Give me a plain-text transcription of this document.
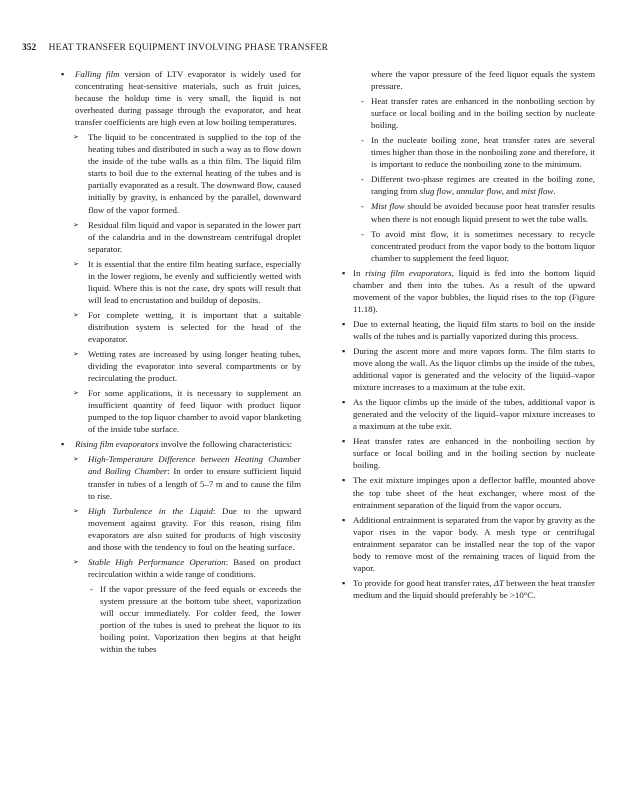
352 HEAT TRANSFER EQUIPMENT INVOLVING PHASE TRANSFER
▪ Falling film version of LTV evaporator is widely used for concentrating heat-sensitive materials, such as fruit juices, because the holdup time is very small, the liquid is not overheated during passage through the evaporator, and heat transfer coefficients are high even at low boiling temperatures.
➢ The liquid to be concentrated is supplied to the top of the heating tubes and distributed in such a way as to flow down the inside of the tube walls as a thin film. The liquid film starts to boil due to the external heating of the tubes and is partially evaporated as a result. The downward flow, caused initially by gravity, is enhanced by the parallel, downward flow of the vapor formed.
➢ Residual film liquid and vapor is separated in the lower part of the calandria and in the downstream centrifugal droplet separator.
➢ It is essential that the entire film heating surface, especially in the lower regions, be evenly and sufficiently wetted with liquid. Where this is not the case, dry spots will result that will lead to encrustation and buildup of deposits.
➢ For complete wetting, it is important that a suitable distribution system is selected for the head of the evaporator.
➢ Wetting rates are increased by using longer heating tubes, dividing the evaporator into several compartments or by recirculating the product.
➢ For some applications, it is necessary to supplement an insufficient quantity of feed liquor with product liquor pumped to the top liquor chamber to avoid vapor blanketing of the inside tube surface.
▪ Rising film evaporators involve the following characteristics:
➢ High-Temperature Difference between Heating Chamber and Boiling Chamber: In order to ensure sufficient liquid transfer in tubes of a length of 5–7 m and to cause the film to rise.
➢ High Turbulence in the Liquid: Due to the upward movement against gravity. For this reason, rising film evaporators are also suited for products of high viscosity and those with the tendency to foul on the heating surface.
➢ Stable High Performance Operation: Based on product recirculation within a wide range of conditions.
- If the vapor pressure of the feed equals or exceeds the system pressure at the bottom tube sheet, vaporization will occur immediately. For colder feed, the lower portion of the tubes is used to preheat the liquor to its boiling point. Vaporization then begins at that height within the tubes
where the vapor pressure of the feed liquor equals the system pressure.
- Heat transfer rates are enhanced in the nonboiling section by surface or local boiling and in the boiling section by nucleate boiling.
- In the nucleate boiling zone, heat transfer rates are several times higher than those in the nonboiling zone and therefore, it is important to reduce the nonboiling zone to the minimum.
- Different two-phase regimes are created in the boiling zone, ranging from slug flow, annular flow, and mist flow.
- Mist flow should be avoided because poor heat transfer results when there is not enough liquid present to wet the tube walls.
- To avoid mist flow, it is sometimes necessary to recycle concentrated product from the vapor body to the bottom liquor chamber to supplement the feed liquor.
▪ In rising film evaporators, liquid is fed into the bottom liquid chamber and then into the tubes. As a result of the upward movement of the vapor bubbles, the liquid rises to the top (Figure 11.18).
▪ Due to external heating, the liquid film starts to boil on the inside walls of the tubes and is partially vaporized during this process.
▪ During the ascent more and more vapors form. The film starts to move along the wall. As the liquor climbs up the inside of the tubes, additional vapor is generated and the velocity of the liquid–vapor mixture increases to a maximum at the tube exit.
▪ As the liquor climbs up the inside of the tubes, additional vapor is generated and the velocity of the liquid–vapor mixture increases to a maximum at the tube exit.
▪ Heat transfer rates are enhanced in the nonboiling section by surface or local boiling and in the boiling section by nucleate boiling.
▪ The exit mixture impinges upon a deflector baffle, mounted above the top tube sheet of the heat exchanger, where most of the entrainment separation of the liquid from the vapor occurs.
▪ Additional entrainment is separated from the vapor by gravity as the vapor rises in the vapor body. A mesh type or centrifugal entrainment separator can be installed near the top of the vapor body to remove most of the remaining traces of liquid from the vapor.
▪ To provide for good heat transfer rates, ΔT between the heat transfer medium and the liquid should preferably be >10°C.
